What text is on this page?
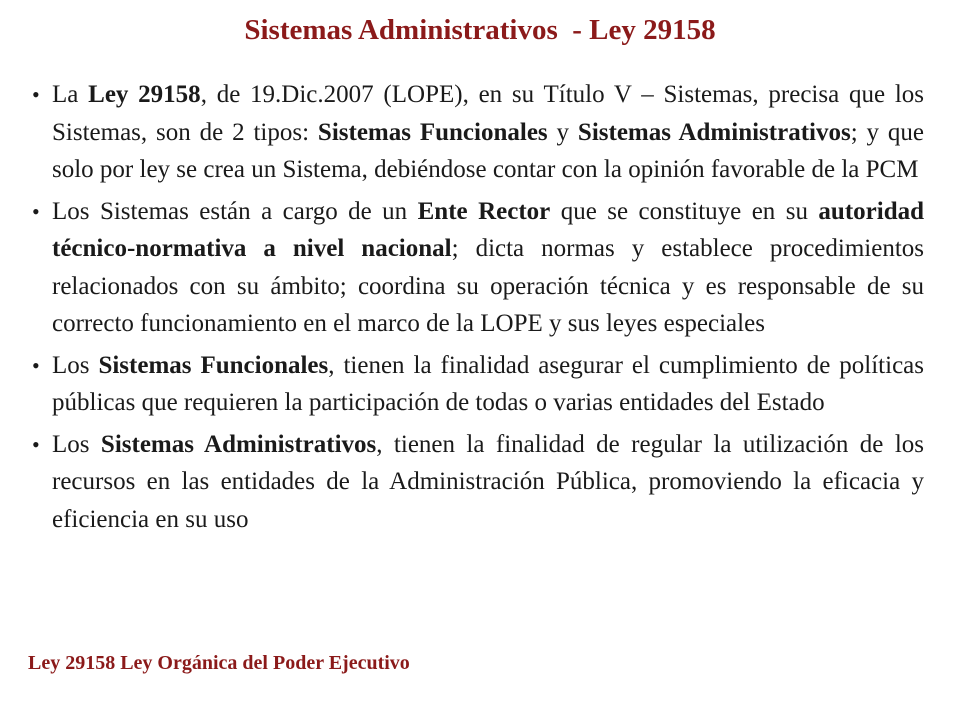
Sistemas Administrativos  - Ley 29158
• La Ley 29158, de 19.Dic.2007 (LOPE), en su Título V – Sistemas, precisa que los Sistemas, son de 2 tipos: Sistemas Funcionales y Sistemas Administrativos; y que solo por ley se crea un Sistema, debiéndose contar con la opinión favorable de la PCM
• Los Sistemas están a cargo de un Ente Rector que se constituye en su autoridad técnico-normativa a nivel nacional; dicta normas y establece procedimientos relacionados con su ámbito; coordina su operación técnica y es responsable de su correcto funcionamiento en el marco de la LOPE y sus leyes especiales
• Los Sistemas Funcionales, tienen la finalidad asegurar el cumplimiento de políticas públicas que requieren la participación de todas o varias entidades del Estado
• Los Sistemas Administrativos, tienen la finalidad de regular la utilización de los recursos en las entidades de la Administración Pública, promoviendo la eficacia y eficiencia en su uso
Ley 29158 Ley Orgánica del Poder Ejecutivo
